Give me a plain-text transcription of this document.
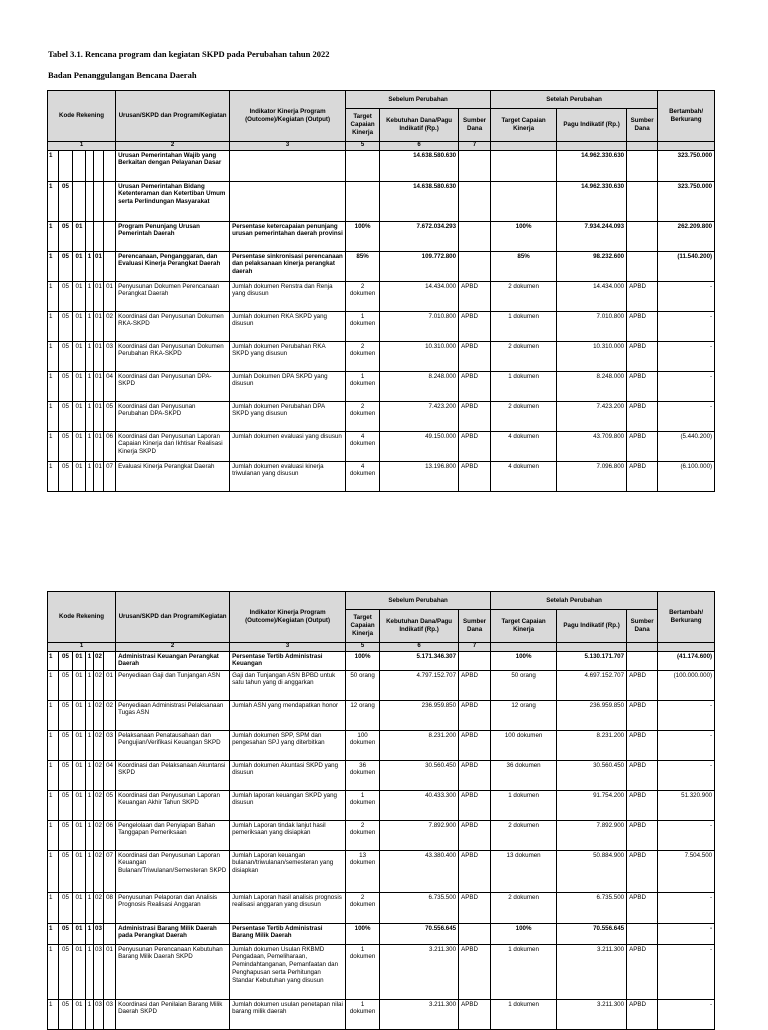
Tabel 3.1. Rencana program dan kegiatan SKPD pada Perubahan tahun 2022
Badan Penanggulangan Bencana Daerah
Kode Rekening						Urusan/SKPD dan Program/Kegiatan	Indikator Kinerja Program (Outcome)/Kegiatan (Output)	Sebelum Perubahan			Setelah Perubahan			Bertambah/ Berkurang
								Target Capaian Kinerja	Kebutuhan Dana/Pagu Indikatif (Rp.)	Sumber Dana	Target Capaian Kinerja	Pagu Indikatif (Rp.)	Sumber Dana	
1						2	3	5	6	7				
1						Urusan Pemerintahan Wajib yang Berkaitan dengan Pelayanan Dasar			14.638.580.630			14.962.330.630		323.750.000
1	05					Urusan Pemerintahan Bidang Ketenteraman dan Ketertiban Umum serta Perlindungan Masyarakat			14.638.580.630			14.962.330.630		323.750.000
1	05	01				Program Penunjang Urusan Pemerintah Daerah	Persentase ketercapaian penunjang urusan pemerintahan daerah provinsi	100%	7.672.034.293		100%	7.934.244.093		262.209.800
1	05	01	1	01		Perencanaan, Penganggaran, dan Evaluasi Kinerja Perangkat Daerah	Persentase sinkronisasi perencanaan dan pelaksanaan kinerja perangkat daerah	85%	109.772.800		85%	98.232.600		(11.540.200)
1	05	01	1	01	01	Penyusunan Dokumen Perencanaan Perangkat Daerah	Jumlah dokumen Renstra dan Renja yang disusun	2 dokumen	14.434.000	APBD	2 dokumen	14.434.000	APBD	-
1	05	01	1	01	02	Koordinasi dan Penyusunan Dokumen RKA-SKPD	Jumlah dokumen RKA SKPD yang disusun	1 dokumen	7.010.800	APBD	1 dokumen	7.010.800	APBD	-
1	05	01	1	01	03	Koordinasi dan Penyusunan Dokumen Perubahan RKA-SKPD	Jumlah dokumen Perubahan RKA SKPD yang disusun	2 dokumen	10.310.000	APBD	2 dokumen	10.310.000	APBD	-
1	05	01	1	01	04	Koordinasi dan Penyusunan DPA-SKPD	Jumlah Dokumen DPA SKPD yang disusun	1 dokumen	8.248.000	APBD	1 dokumen	8.248.000	APBD	-
1	05	01	1	01	05	Koordinasi dan Penyusunan Perubahan DPA-SKPD	Jumlah dokumen Perubahan DPA SKPD yang disusun	2 dokumen	7.423.200	APBD	2 dokumen	7.423.200	APBD	-
1	05	01	1	01	06	Koordinasi dan Penyusunan Laporan Capaian Kinerja dan Ikhtisar Realisasi Kinerja SKPD	Jumlah dokumen evaluasi yang disusun	4 dokumen	49.150.000	APBD	4 dokumen	43.709.800	APBD	(5.440.200)
1	05	01	1	01	07	Evaluasi Kinerja Perangkat Daerah	Jumlah dokumen evaluasi kinerja triwulanan yang disusun	4 dokumen	13.196.800	APBD	4 dokumen	7.096.800	APBD	(6.100.000)
Kode Rekening						Urusan/SKPD dan Program/Kegiatan	Indikator Kinerja Program (Outcome)/Kegiatan (Output)	Sebelum Perubahan			Setelah Perubahan			Bertambah/ Berkurang
								Target Capaian Kinerja	Kebutuhan Dana/Pagu Indikatif (Rp.)	Sumber Dana	Target Capaian Kinerja	Pagu Indikatif (Rp.)	Sumber Dana	
1						2	3	5	6	7				
1	05	01	1	02		Administrasi Keuangan Perangkat Daerah	Persentase Tertib Administrasi Keuangan	100%	5.171.346.307		100%	5.130.171.707		(41.174.600)
1	05	01	1	02	01	Penyediaan Gaji dan Tunjangan ASN	Gaji dan Tunjangan ASN BPBD untuk satu tahun yang di anggarkan	50 orang	4.797.152.707	APBD	50 orang	4.697.152.707	APBD	(100.000.000)
1	05	01	1	02	02	Penyediaan Administrasi Pelaksanaan Tugas ASN	Jumlah ASN yang mendapatkan honor	12 orang	236.959.850	APBD	12 orang	236.959.850	APBD	-
1	05	01	1	02	03	Pelaksanaan Penatausahaan dan Pengujian/Verifikasi Keuangan SKPD	Jumlah dokumen SPP, SPM dan pengesahan SPJ yang diterbitkan	100 dokumen	8.231.200	APBD	100 dokumen	8.231.200	APBD	-
1	05	01	1	02	04	Koordinasi dan Pelaksanaan Akuntansi SKPD	Jumlah dokumen Akuntasi SKPD yang disusun	36 dokumen	30.560.450	APBD	36 dokumen	30.560.450	APBD	-
1	05	01	1	02	05	Koordinasi dan Penyusunan Laporan Keuangan Akhir Tahun SKPD	Jumlah laporan keuangan SKPD yang disusun	1 dokumen	40.433.300	APBD	1 dokumen	91.754.200	APBD	51.320.900
1	05	01	1	02	06	Pengelolaan dan Penyiapan Bahan Tanggapan Pemeriksaan	Jumlah Laporan tindak lanjut hasil pemeriksaan yang disiapkan	2 dokumen	7.892.900	APBD	2 dokumen	7.892.900	APBD	-
1	05	01	1	02	07	Koordinasi dan Penyusunan Laporan Keuangan Bulanan/Triwulanan/Semesteran SKPD	Jumlah Laporan keuangan bulanan/triwulanan/semesteran yang disiapkan	13 dokumen	43.380.400	APBD	13 dokumen	50.884.900	APBD	7.504.500
1	05	01	1	02	08	Penyusunan Pelaporan dan Analisis Prognosis Realisasi Anggaran	Jumlah Laporan hasil analisis prognosis realisasi anggaran yang disusun	2 dokumen	6.735.500	APBD	2 dokumen	6.735.500	APBD	-
1	05	01	1	03		Administrasi Barang Milik Daerah pada Perangkat Daerah	Persentase Tertib Administrasi Barang Milik Daerah	100%	70.556.645		100%	70.556.645		-
1	05	01	1	03	01	Penyusunan Perencanaan Kebutuhan Barang Milik Daerah SKPD	Jumlah dokumen Usulan RKBMD Pengadaan, Pemeliharaan, Pemindahtanganan, Pemanfaatan dan Penghapusan serta Perhitungan Standar Kebutuhan yang disusun	1 dokumen	3.211.300	APBD	1 dokumen	3.211.300	APBD	-
1	05	01	1	03	03	Koordinasi dan Penilaian Barang Milik Daerah SKPD	Jumlah dokumen usulan penetapan nilai barang milik daerah	1 dokumen	3.211.300	APBD	1 dokumen	3.211.300	APBD	-
